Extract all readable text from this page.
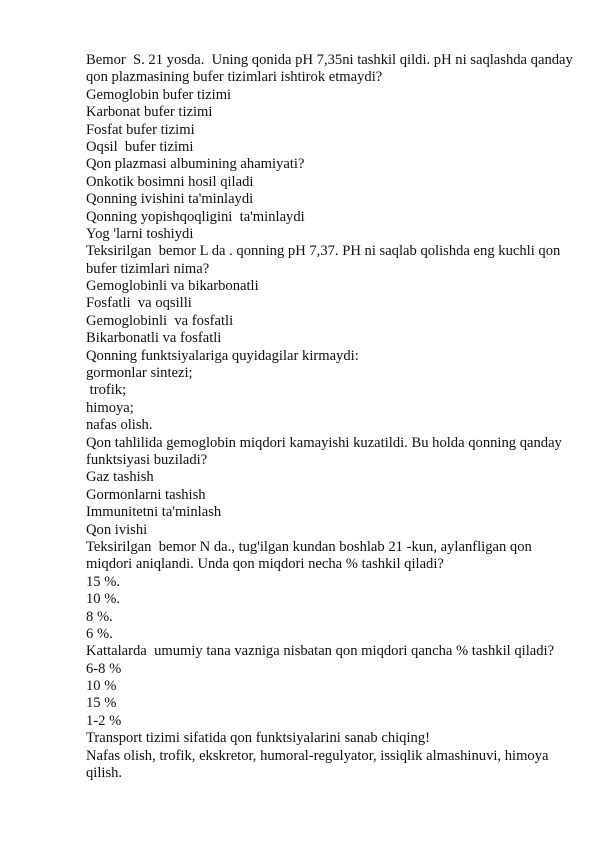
Bemor  S. 21 yosda.  Uning qonida pH 7,35ni tashkil qildi. pH ni saqlashda qanday
qon plazmasining bufer tizimlari ishtirok etmaydi?
Gemoglobin bufer tizimi
Karbonat bufer tizimi
Fosfat bufer tizimi
Oqsil  bufer tizimi
Qon plazmasi albumining ahamiyati?
Onkotik bosimni hosil qiladi
Qonning ivishini ta'minlaydi
Qonning yopishqoqligini  ta'minlaydi
Yog 'larni toshiydi
Teksirilgan  bemor L da . qonning pH 7,37. PH ni saqlab qolishda eng kuchli qon
bufer tizimlari nima?
Gemoglobinli va bikarbonatli
Fosfatli  va oqsilli
Gemoglobinli  va fosfatli
Bikarbonatli va fosfatli
Qonning funktsiyalariga quyidagilar kirmaydi:
gormonlar sintezi;
trofik;
himoya;
nafas olish.
Qon tahlilida gemoglobin miqdori kamayishi kuzatildi. Bu holda qonning qanday
funktsiyasi buziladi?
Gaz tashish
Gormonlarni tashish
Immunitetni ta'minlash
Qon ivishi
Teksirilgan  bemor N da., tug'ilgan kundan boshlab 21 -kun, aylanfligan qon
miqdori aniqlandi. Unda qon miqdori necha % tashkil qiladi?
15 %.
10 %.
8 %.
6 %.
Kattalarda  umumiy tana vazniga nisbatan qon miqdori qancha % tashkil qiladi?
6-8 %
10 %
15 %
1-2 %
Transport tizimi sifatida qon funktsiyalarini sanab chiqing!
Nafas olish, trofik, ekskretor, humoral-regulyator, issiqlik almashinuvi, himoya
qilish.
